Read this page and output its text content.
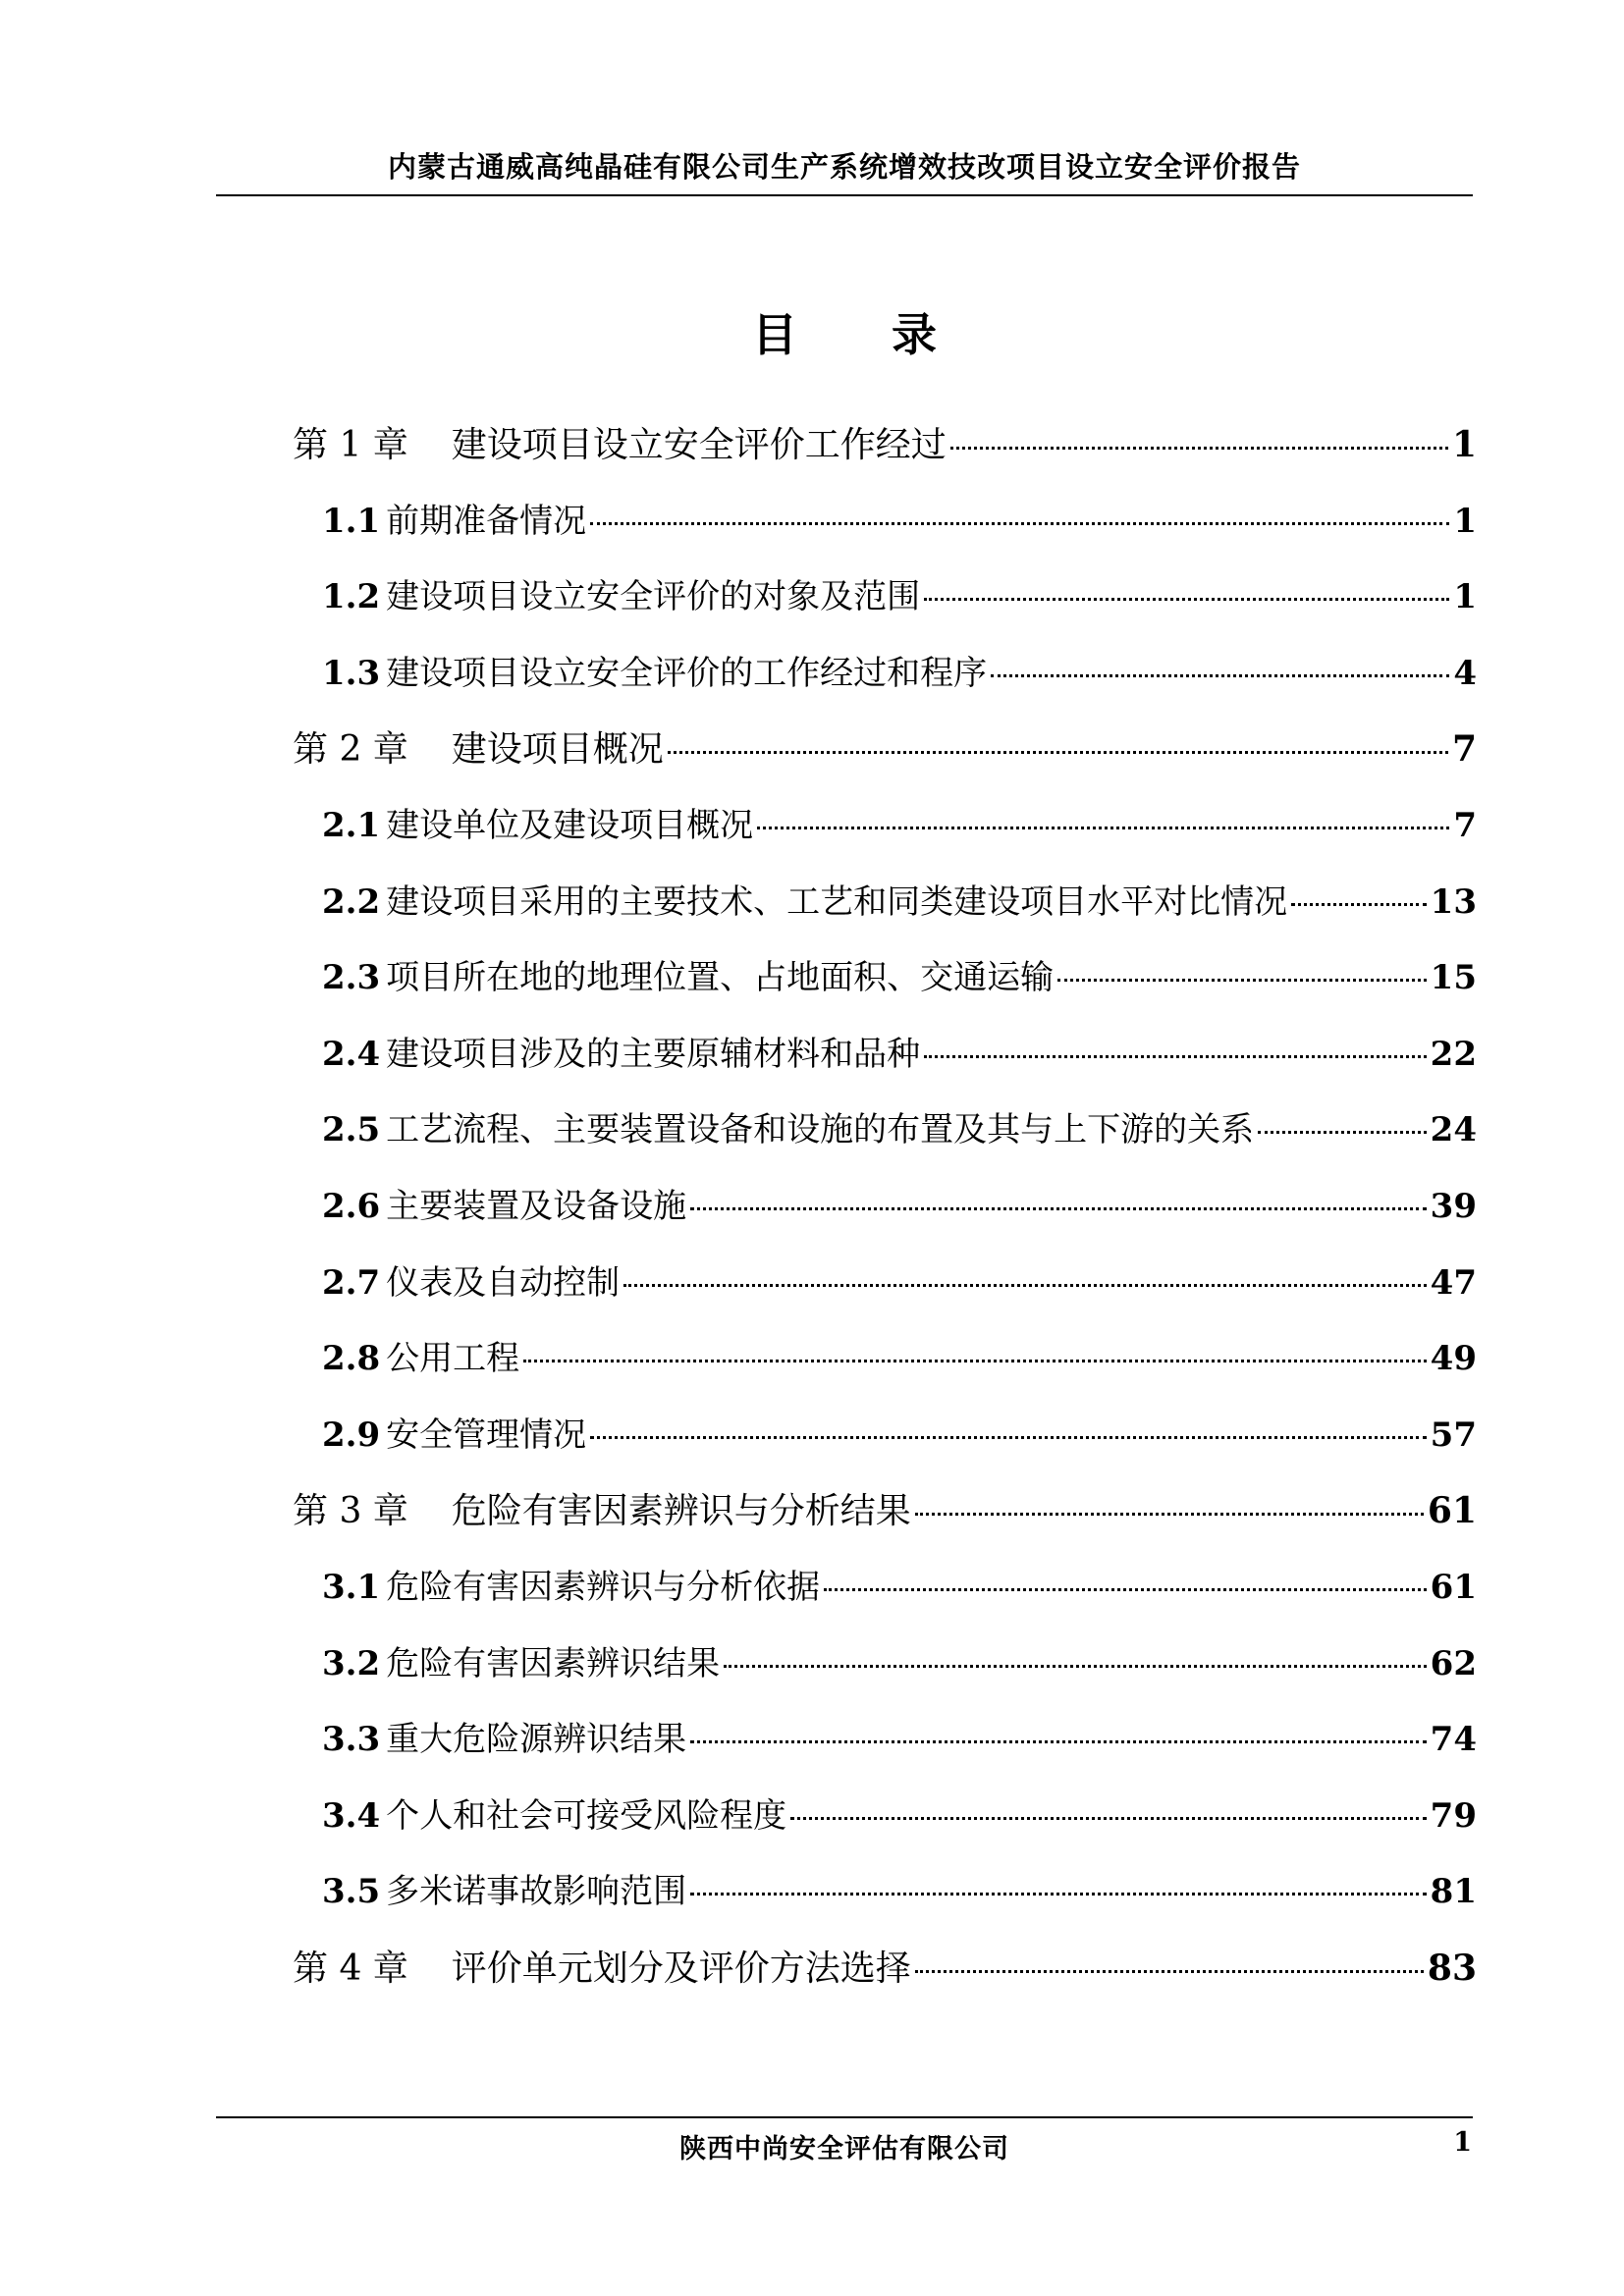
内蒙古通威高纯晶硅有限公司生产系统增效技改项目设立安全评价报告
目 录
第 1 章 建设项目设立安全评价工作经过	1
1.1 前期准备情况	1
1.2 建设项目设立安全评价的对象及范围	1
1.3 建设项目设立安全评价的工作经过和程序	4
第 2 章 建设项目概况	7
2.1 建设单位及建设项目概况	7
2.2 建设项目采用的主要技术、工艺和同类建设项目水平对比情况	13
2.3 项目所在地的地理位置、占地面积、交通运输	15
2.4 建设项目涉及的主要原辅材料和品种	22
2.5 工艺流程、主要装置设备和设施的布置及其与上下游的关系	24
2.6 主要装置及设备设施	39
2.7 仪表及自动控制	47
2.8 公用工程	49
2.9 安全管理情况	57
第 3 章 危险有害因素辨识与分析结果	61
3.1 危险有害因素辨识与分析依据	61
3.2 危险有害因素辨识结果	62
3.3 重大危险源辨识结果	74
3.4 个人和社会可接受风险程度	79
3.5 多米诺事故影响范围	81
第 4 章 评价单元划分及评价方法选择	83
陕西中尚安全评估有限公司	1
